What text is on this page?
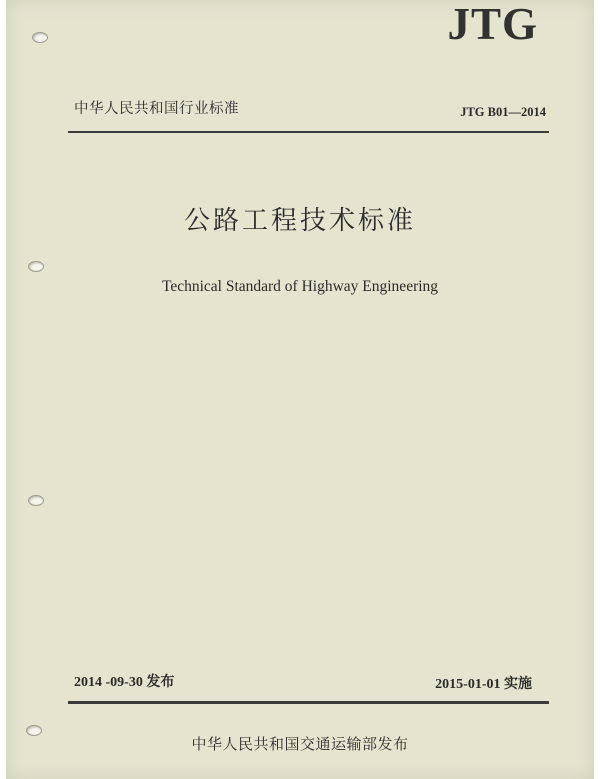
JTG
中华人民共和国行业标准	JTG B01—2014
公路工程技术标准
Technical Standard of Highway Engineering
2014 -09-30 发布	2015-01-01 实施
中华人民共和国交通运输部发布
